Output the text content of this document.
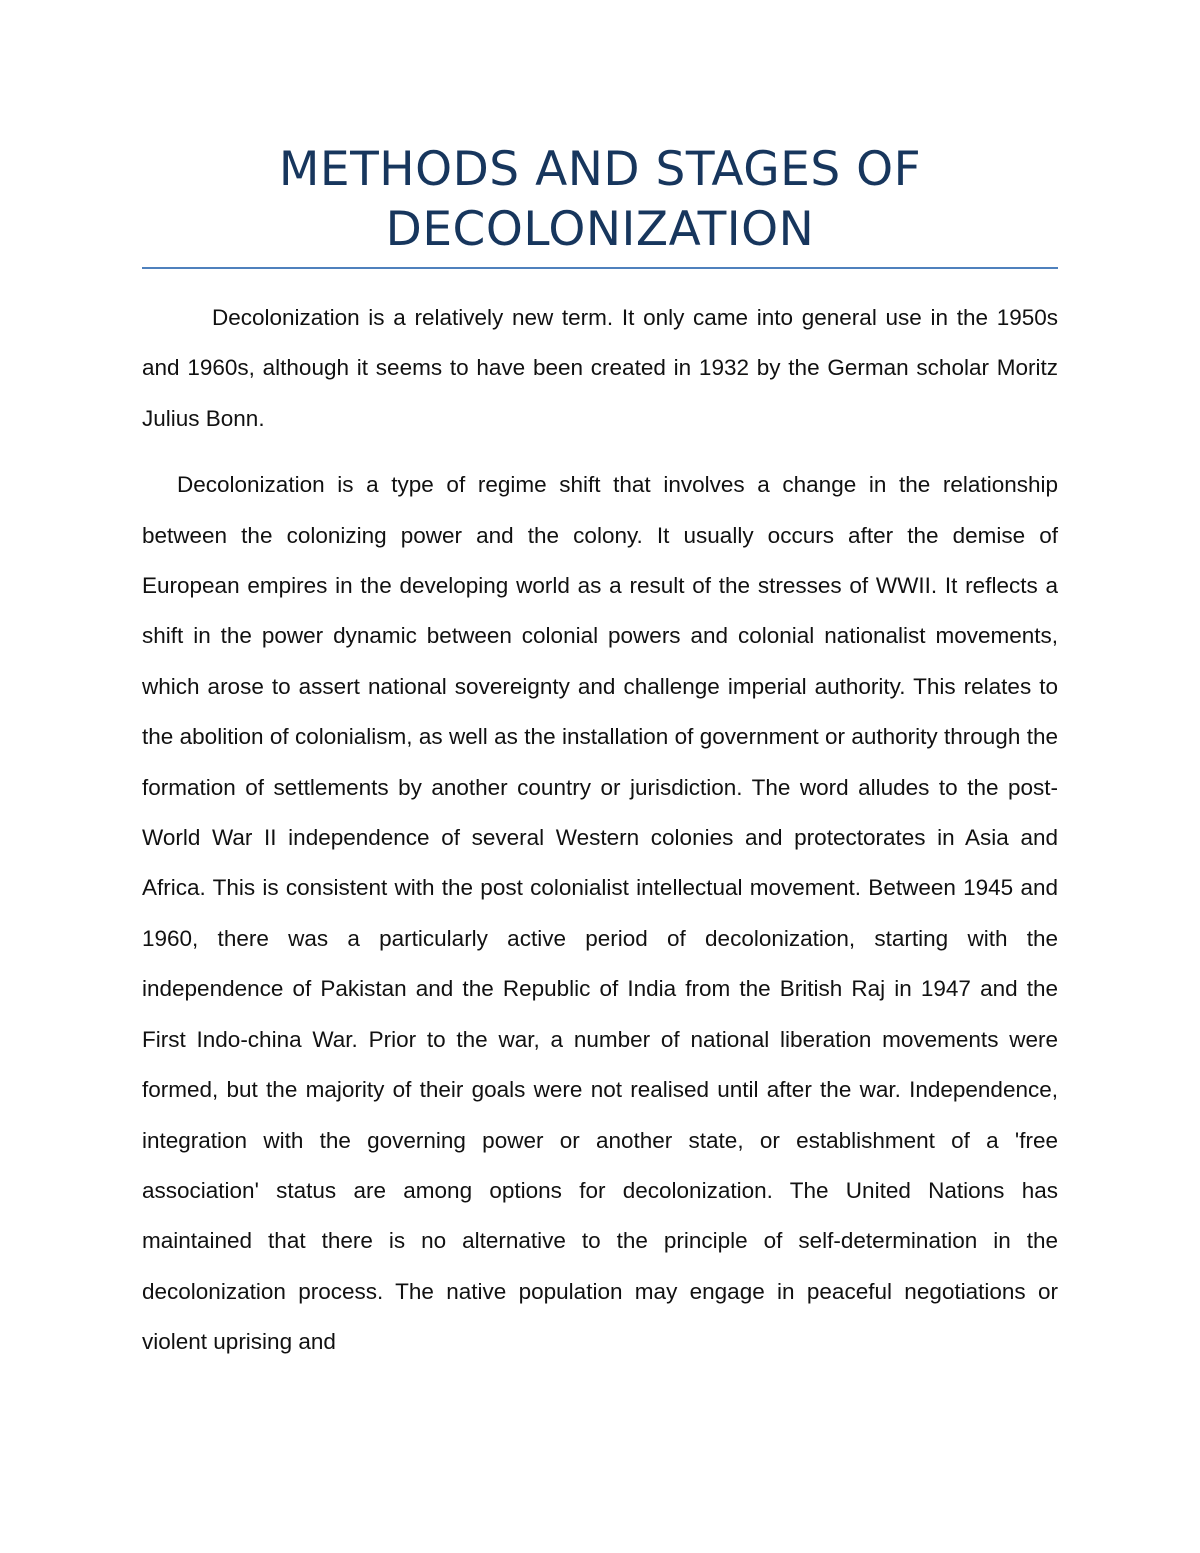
METHODS AND STAGES OF
DECOLONIZATION

Decolonization is a relatively new term. It only came into general use in the 1950s and 1960s, although it seems to have been created in 1932 by the German scholar Moritz Julius Bonn.

Decolonization is a type of regime shift that involves a change in the relationship between the colonizing power and the colony. It usually occurs after the demise of European empires in the developing world as a result of the stresses of WWII. It reflects a shift in the power dynamic between colonial powers and colonial nationalist movements, which arose to assert national sovereignty and challenge imperial authority. This relates to the abolition of colonialism, as well as the installation of government or authority through the formation of settlements by another country or jurisdiction. The word alludes to the post-World War II independence of several Western colonies and protectorates in Asia and Africa. This is consistent with the post colonialist intellectual movement. Between 1945 and 1960, there was a particularly active period of decolonization, starting with the independence of Pakistan and the Republic of India from the British Raj in 1947 and the First Indo-china War. Prior to the war, a number of national liberation movements were formed, but the majority of their goals were not realised until after the war. Independence, integration with the governing power or another state, or establishment of a 'free association' status are among options for decolonization. The United Nations has maintained that there is no alternative to the principle of self-determination in the decolonization process. The native population may engage in peaceful negotiations or violent uprising and
